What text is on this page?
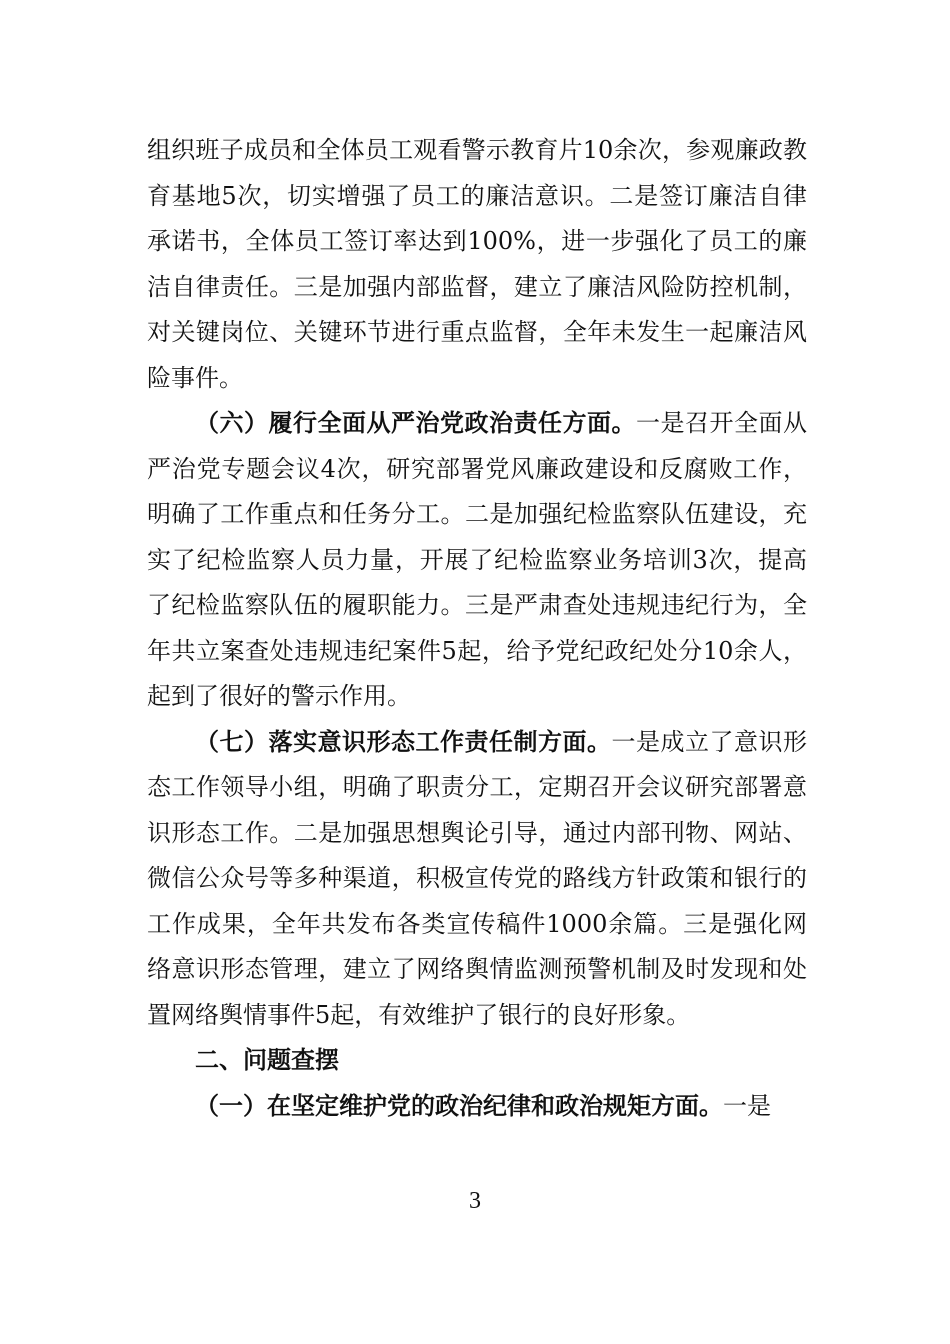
组织班子成员和全体员工观看警示教育片10余次，参观廉政教育基地5次，切实增强了员工的廉洁意识。二是签订廉洁自律承诺书，全体员工签订率达到100%，进一步强化了员工的廉洁自律责任。三是加强内部监督，建立了廉洁风险防控机制，对关键岗位、关键环节进行重点监督，全年未发生一起廉洁风险事件。

（六）履行全面从严治党政治责任方面。一是召开全面从严治党专题会议4次，研究部署党风廉政建设和反腐败工作，明确了工作重点和任务分工。二是加强纪检监察队伍建设，充实了纪检监察人员力量，开展了纪检监察业务培训3次，提高了纪检监察队伍的履职能力。三是严肃查处违规违纪行为，全年共立案查处违规违纪案件5起，给予党纪政纪处分10余人，起到了很好的警示作用。

（七）落实意识形态工作责任制方面。一是成立了意识形态工作领导小组，明确了职责分工，定期召开会议研究部署意识形态工作。二是加强思想舆论引导，通过内部刊物、网站、微信公众号等多种渠道，积极宣传党的路线方针政策和银行的工作成果，全年共发布各类宣传稿件1000余篇。三是强化网络意识形态管理，建立了网络舆情监测预警机制及时发现和处置网络舆情事件5起，有效维护了银行的良好形象。

二、问题查摆

（一）在坚定维护党的政治纪律和政治规矩方面。一是

3
